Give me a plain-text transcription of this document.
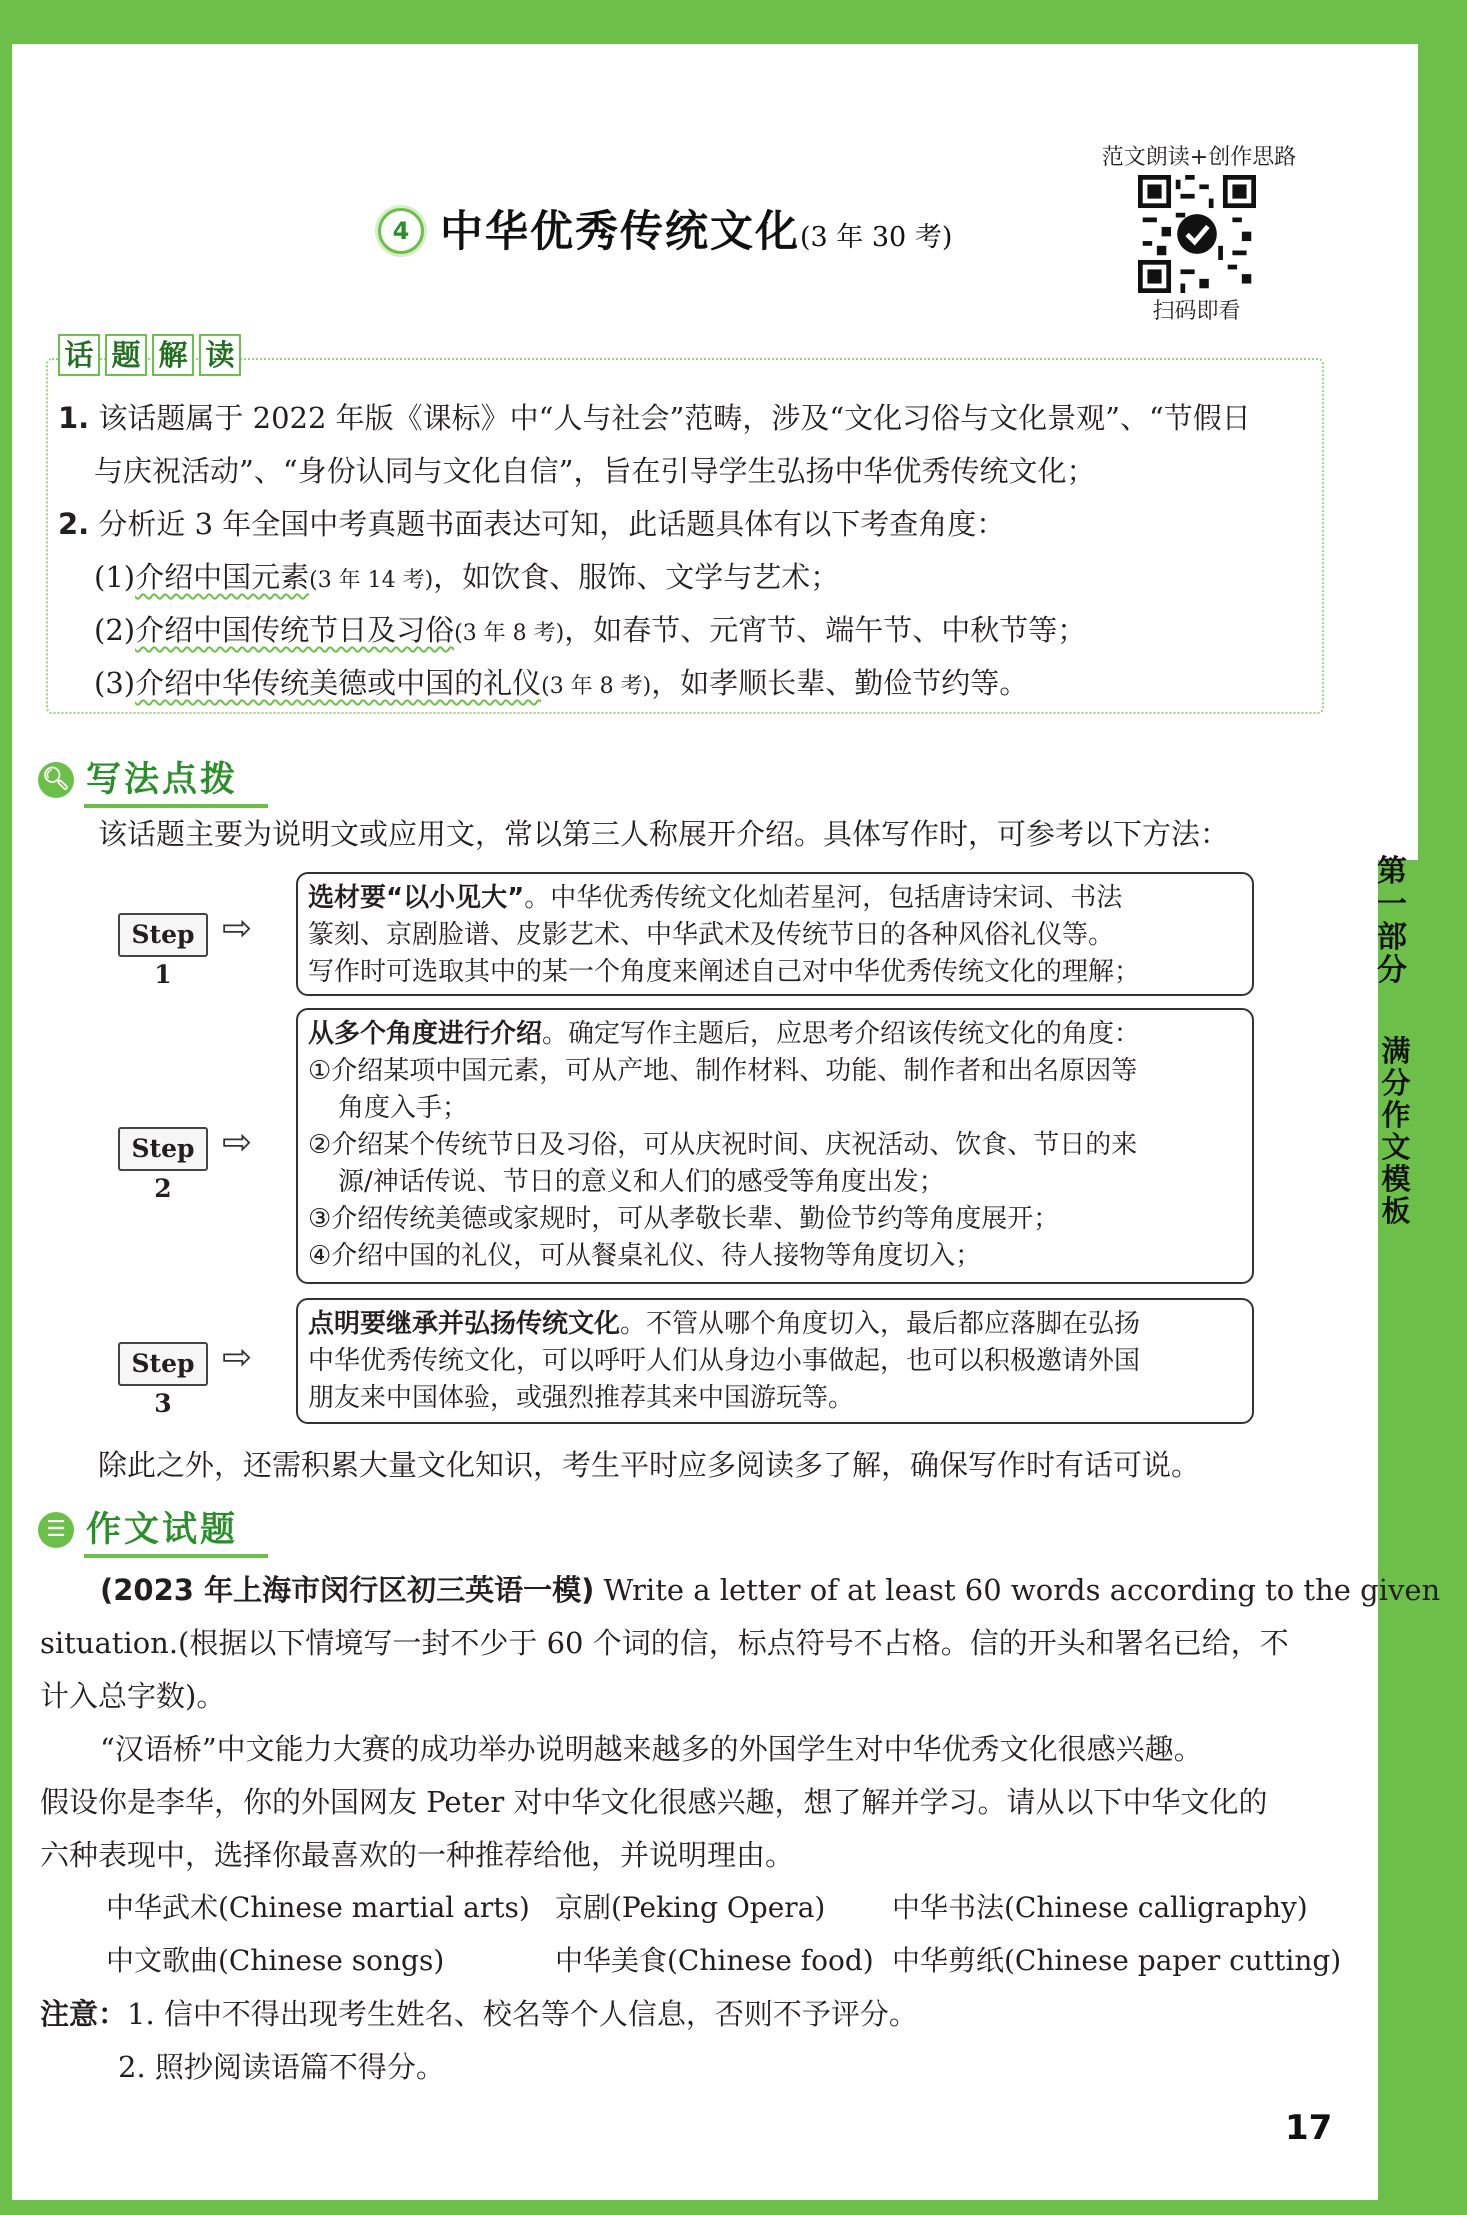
第
一
部
分
满
分
作
文
模
板
范文朗读+创作思路
扫码即看
4 中华优秀传统文化(3 年 30 考)
话 题 解 读
1. 该话题属于 2022 年版《课标》中“人与社会”范畴，涉及“文化习俗与文化景观”、“节假日
与庆祝活动”、“身份认同与文化自信”，旨在引导学生弘扬中华优秀传统文化；
2. 分析近 3 年全国中考真题书面表达可知，此话题具体有以下考查角度：
(1)介绍中国元素(3 年 14 考)，如饮食、服饰、文学与艺术；
(2)介绍中国传统节日及习俗(3 年 8 考)，如春节、元宵节、端午节、中秋节等；
(3)介绍中华传统美德或中国的礼仪(3 年 8 考)，如孝顺长辈、勤俭节约等。
🔍︎ 写法点拨
该话题主要为说明文或应用文，常以第三人称展开介绍。具体写作时，可参考以下方法：
Step 1
⇨
选材要“以小见大”。中华优秀传统文化灿若星河，包括唐诗宋词、书法
篆刻、京剧脸谱、皮影艺术、中华武术及传统节日的各种风俗礼仪等。
写作时可选取其中的某一个角度来阐述自己对中华优秀传统文化的理解；
Step 2
⇨
从多个角度进行介绍。确定写作主题后，应思考介绍该传统文化的角度：
①介绍某项中国元素，可从产地、制作材料、功能、制作者和出名原因等
角度入手；
②介绍某个传统节日及习俗，可从庆祝时间、庆祝活动、饮食、节日的来
源/神话传说、节日的意义和人们的感受等角度出发；
③介绍传统美德或家规时，可从孝敬长辈、勤俭节约等角度展开；
④介绍中国的礼仪，可从餐桌礼仪、待人接物等角度切入；
Step 3
⇨
点明要继承并弘扬传统文化。不管从哪个角度切入，最后都应落脚在弘扬
中华优秀传统文化，可以呼吁人们从身边小事做起，也可以积极邀请外国
朋友来中国体验，或强烈推荐其来中国游玩等。
除此之外，还需积累大量文化知识，考生平时应多阅读多了解，确保写作时有话可说。
☰ 作文试题
(2023 年上海市闵行区初三英语一模) Write a letter of at least 60 words according to the given
situation.(根据以下情境写一封不少于 60 个词的信，标点符号不占格。信的开头和署名已给，不
计入总字数)。
“汉语桥”中文能力大赛的成功举办说明越来越多的外国学生对中华优秀文化很感兴趣。
假设你是李华，你的外国网友 Peter 对中华文化很感兴趣，想了解并学习。请从以下中华文化的
六种表现中，选择你最喜欢的一种推荐给他，并说明理由。
中华武术(Chinese martial arts) 京剧(Peking Opera) 中华书法(Chinese calligraphy)
中文歌曲(Chinese songs)	中华美食(Chinese food) 中华剪纸(Chinese paper cutting)
注意：1. 信中不得出现考生姓名、校名等个人信息，否则不予评分。
2. 照抄阅读语篇不得分。
17
